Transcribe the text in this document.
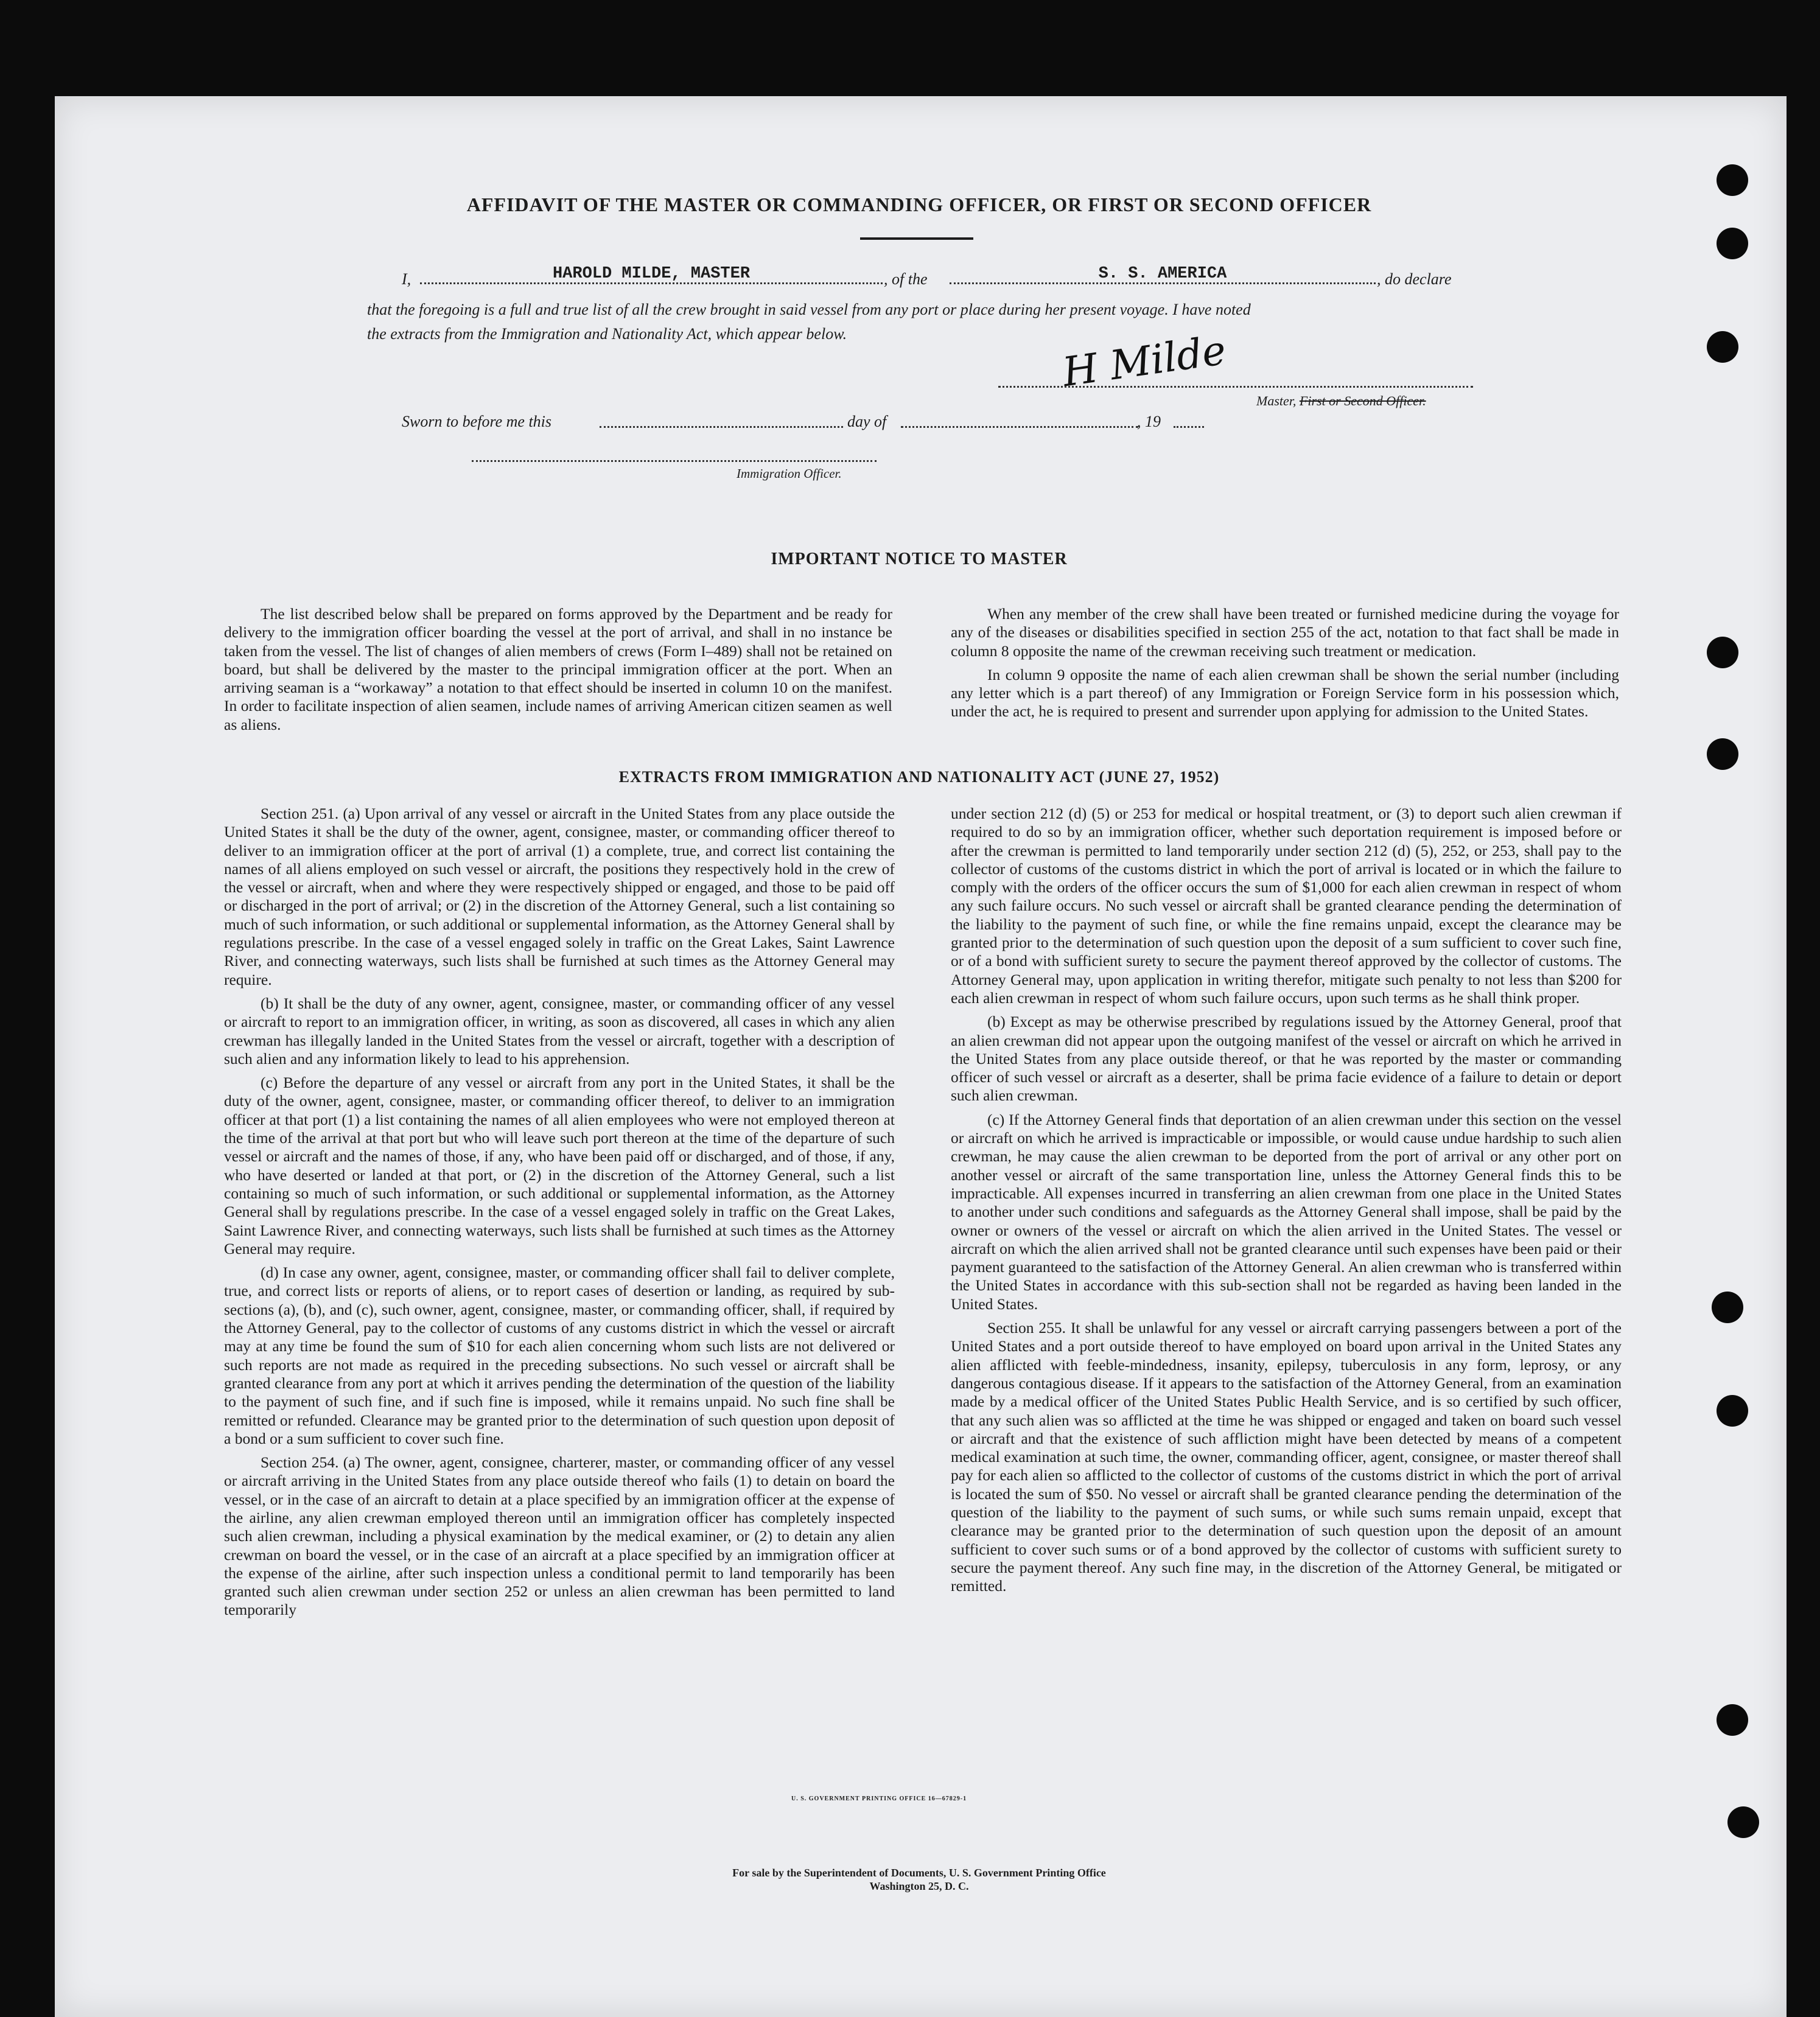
AFFIDAVIT OF THE MASTER OR COMMANDING OFFICER, OR FIRST OR SECOND OFFICER
I,	HAROLD MILDE, MASTER	, of the	S. S. AMERICA	, do declare
that the foregoing is a full and true list of all the crew brought in said vessel from any port or place during her present voyage. I have noted
the extracts from the Immigration and Nationality Act, which appear below.	H Milde
Master, First or Second Officer.
Sworn to before me this	day of	, 19
Immigration Officer.
IMPORTANT NOTICE TO MASTER

The list described below shall be prepared on forms approved by the Department and be ready for delivery to the immigration officer boarding the vessel at the port of arrival, and shall in no instance be taken from the vessel. The list of changes of alien members of crews (Form I–489) shall not be retained on board, but shall be delivered by the master to the principal immigration officer at the port. When an arriving seaman is a “workaway” a notation to that effect should be inserted in column 10 on the manifest. In order to facilitate inspection of alien seamen, include names of arriving American citizen seamen as well as aliens.

When any member of the crew shall have been treated or furnished medicine during the voyage for any of the diseases or disabilities specified in section 255 of the act, notation to that fact shall be made in column 8 opposite the name of the crewman receiving such treatment or medication.

In column 9 opposite the name of each alien crewman shall be shown the serial number (including any letter which is a part thereof) of any Immigration or Foreign Service form in his possession which, under the act, he is required to present and surrender upon applying for admission to the United States.

EXTRACTS FROM IMMIGRATION AND NATIONALITY ACT (JUNE 27, 1952)

Section 251. (a) Upon arrival of any vessel or aircraft in the United States from any place outside the United States it shall be the duty of the owner, agent, consignee, master, or commanding officer thereof to deliver to an immigration officer at the port of arrival (1) a complete, true, and correct list containing the names of all aliens employed on such vessel or aircraft, the positions they respectively hold in the crew of the vessel or aircraft, when and where they were respectively shipped or engaged, and those to be paid off or discharged in the port of arrival; or (2) in the discretion of the Attorney General, such a list containing so much of such information, or such additional or supplemental information, as the Attorney General shall by regulations prescribe. In the case of a vessel engaged solely in traffic on the Great Lakes, Saint Lawrence River, and connecting waterways, such lists shall be furnished at such times as the Attorney General may require.

(b) It shall be the duty of any owner, agent, consignee, master, or commanding officer of any vessel or aircraft to report to an immigration officer, in writing, as soon as discovered, all cases in which any alien crewman has illegally landed in the United States from the vessel or aircraft, together with a description of such alien and any information likely to lead to his apprehension.

(c) Before the departure of any vessel or aircraft from any port in the United States, it shall be the duty of the owner, agent, consignee, master, or commanding officer thereof, to deliver to an immigration officer at that port (1) a list containing the names of all alien employees who were not employed thereon at the time of the arrival at that port but who will leave such port thereon at the time of the departure of such vessel or aircraft and the names of those, if any, who have been paid off or discharged, and of those, if any, who have deserted or landed at that port, or (2) in the discretion of the Attorney General, such a list containing so much of such information, or such additional or supplemental information, as the Attorney General shall by regulations prescribe. In the case of a vessel engaged solely in traffic on the Great Lakes, Saint Lawrence River, and connecting waterways, such lists shall be furnished at such times as the Attorney General may require.

(d) In case any owner, agent, consignee, master, or commanding officer shall fail to deliver complete, true, and correct lists or reports of aliens, or to report cases of desertion or landing, as required by sub-sections (a), (b), and (c), such owner, agent, consignee, master, or commanding officer, shall, if required by the Attorney General, pay to the collector of customs of any customs district in which the vessel or aircraft may at any time be found the sum of $10 for each alien concerning whom such lists are not delivered or such reports are not made as required in the preceding subsections. No such vessel or aircraft shall be granted clearance from any port at which it arrives pending the determination of the question of the liability to the payment of such fine, and if such fine is imposed, while it remains unpaid. No such fine shall be remitted or refunded. Clearance may be granted prior to the determination of such question upon deposit of a bond or a sum sufficient to cover such fine.

Section 254. (a) The owner, agent, consignee, charterer, master, or commanding officer of any vessel or aircraft arriving in the United States from any place outside thereof who fails (1) to detain on board the vessel, or in the case of an aircraft to detain at a place specified by an immigration officer at the expense of the airline, any alien crewman employed thereon until an immigration officer has completely inspected such alien crewman, including a physical examination by the medical examiner, or (2) to detain any alien crewman on board the vessel, or in the case of an aircraft at a place specified by an immigration officer at the expense of the airline, after such inspection unless a conditional permit to land temporarily has been granted such alien crewman under section 252 or unless an alien crewman has been permitted to land temporarily

under section 212 (d) (5) or 253 for medical or hospital treatment, or (3) to deport such alien crewman if required to do so by an immigration officer, whether such deportation requirement is imposed before or after the crewman is permitted to land temporarily under section 212 (d) (5), 252, or 253, shall pay to the collector of customs of the customs district in which the port of arrival is located or in which the failure to comply with the orders of the officer occurs the sum of $1,000 for each alien crewman in respect of whom any such failure occurs. No such vessel or aircraft shall be granted clearance pending the determination of the liability to the payment of such fine, or while the fine remains unpaid, except the clearance may be granted prior to the determination of such question upon the deposit of a sum sufficient to cover such fine, or of a bond with sufficient surety to secure the payment thereof approved by the collector of customs. The Attorney General may, upon application in writing therefor, mitigate such penalty to not less than $200 for each alien crewman in respect of whom such failure occurs, upon such terms as he shall think proper.

(b) Except as may be otherwise prescribed by regulations issued by the Attorney General, proof that an alien crewman did not appear upon the outgoing manifest of the vessel or aircraft on which he arrived in the United States from any place outside thereof, or that he was reported by the master or commanding officer of such vessel or aircraft as a deserter, shall be prima facie evidence of a failure to detain or deport such alien crewman.

(c) If the Attorney General finds that deportation of an alien crewman under this section on the vessel or aircraft on which he arrived is impracticable or impossible, or would cause undue hardship to such alien crewman, he may cause the alien crewman to be deported from the port of arrival or any other port on another vessel or aircraft of the same transportation line, unless the Attorney General finds this to be impracticable. All expenses incurred in transferring an alien crewman from one place in the United States to another under such conditions and safeguards as the Attorney General shall impose, shall be paid by the owner or owners of the vessel or aircraft on which the alien arrived in the United States. The vessel or aircraft on which the alien arrived shall not be granted clearance until such expenses have been paid or their payment guaranteed to the satisfaction of the Attorney General. An alien crewman who is transferred within the United States in accordance with this sub-section shall not be regarded as having been landed in the United States.

Section 255. It shall be unlawful for any vessel or aircraft carrying passengers between a port of the United States and a port outside thereof to have employed on board upon arrival in the United States any alien afflicted with feeble-mindedness, insanity, epilepsy, tuberculosis in any form, leprosy, or any dangerous contagious disease. If it appears to the satisfaction of the Attorney General, from an examination made by a medical officer of the United States Public Health Service, and is so certified by such officer, that any such alien was so afflicted at the time he was shipped or engaged and taken on board such vessel or aircraft and that the existence of such affliction might have been detected by means of a competent medical examination at such time, the owner, commanding officer, agent, consignee, or master thereof shall pay for each alien so afflicted to the collector of customs of the customs district in which the port of arrival is located the sum of $50. No vessel or aircraft shall be granted clearance pending the determination of the question of the liability to the payment of such sums, or while such sums remain unpaid, except that clearance may be granted prior to the determination of such question upon the deposit of an amount sufficient to cover such sums or of a bond approved by the collector of customs with sufficient surety to secure the payment thereof. Any such fine may, in the discretion of the Attorney General, be mitigated or remitted.

U. S. GOVERNMENT PRINTING OFFICE 16—67829-1
For sale by the Superintendent of Documents, U. S. Government Printing Office
Washington 25, D. C.
